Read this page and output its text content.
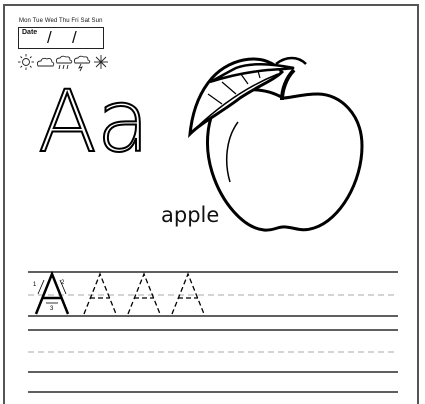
Mon Tue Wed Thu Fri Sat Sun
Date / /
Aa
apple
1	2
3
